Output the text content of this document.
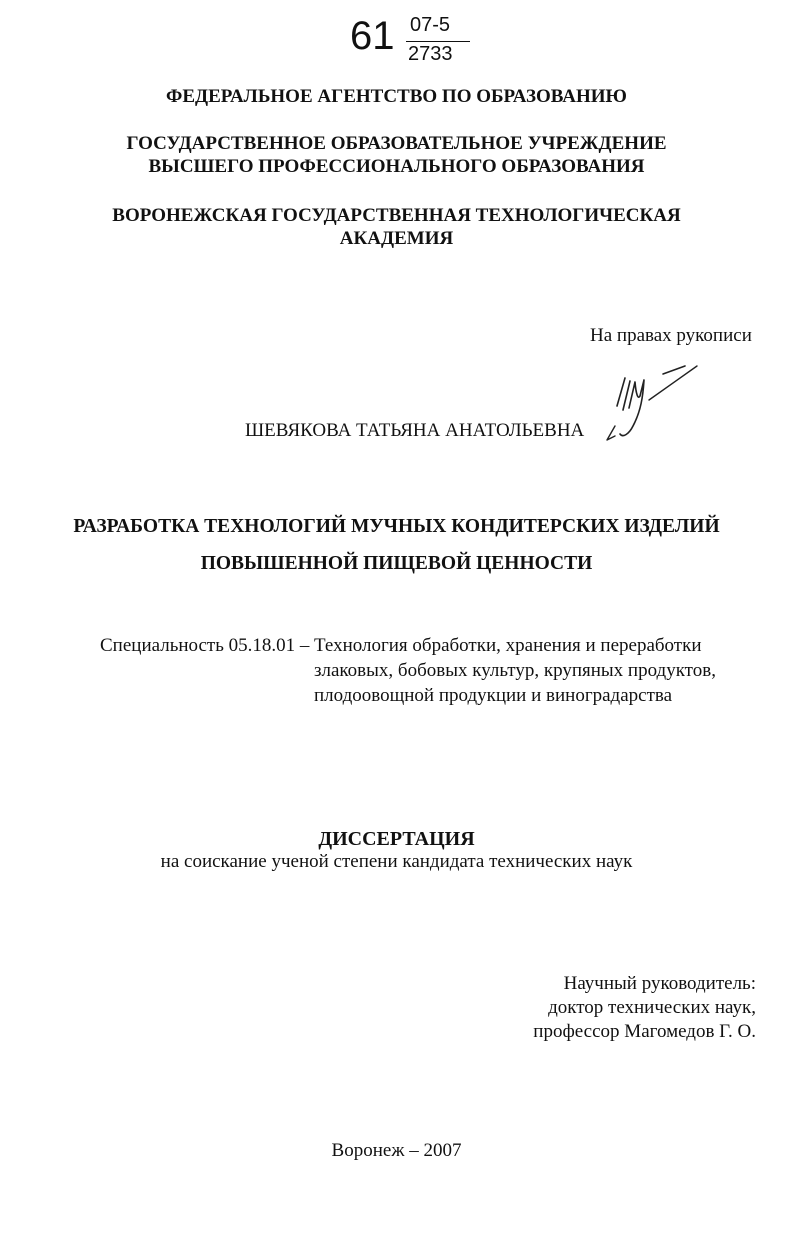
61 07-5
2733
ФЕДЕРАЛЬНОЕ АГЕНТСТВО ПО ОБРАЗОВАНИЮ
ГОСУДАРСТВЕННОЕ ОБРАЗОВАТЕЛЬНОЕ УЧРЕЖДЕНИЕ
ВЫСШЕГО ПРОФЕССИОНАЛЬНОГО ОБРАЗОВАНИЯ
ВОРОНЕЖСКАЯ ГОСУДАРСТВЕННАЯ ТЕХНОЛОГИЧЕСКАЯ
АКАДЕМИЯ
На правах рукописи
ШЕВЯКОВА ТАТЬЯНА АНАТОЛЬЕВНА
РАЗРАБОТКА ТЕХНОЛОГИЙ МУЧНЫХ КОНДИТЕРСКИХ ИЗДЕЛИЙ
ПОВЫШЕННОЙ ПИЩЕВОЙ ЦЕННОСТИ
Специальность 05.18.01 – Технология обработки, хранения и переработки
злаковых, бобовых культур, крупяных продуктов,
плодоовощной продукции и виноградарства
ДИССЕРТАЦИЯ
на соискание ученой степени кандидата технических наук
Научный руководитель:
доктор технических наук,
профессор Магомедов Г. О.
Воронеж – 2007
